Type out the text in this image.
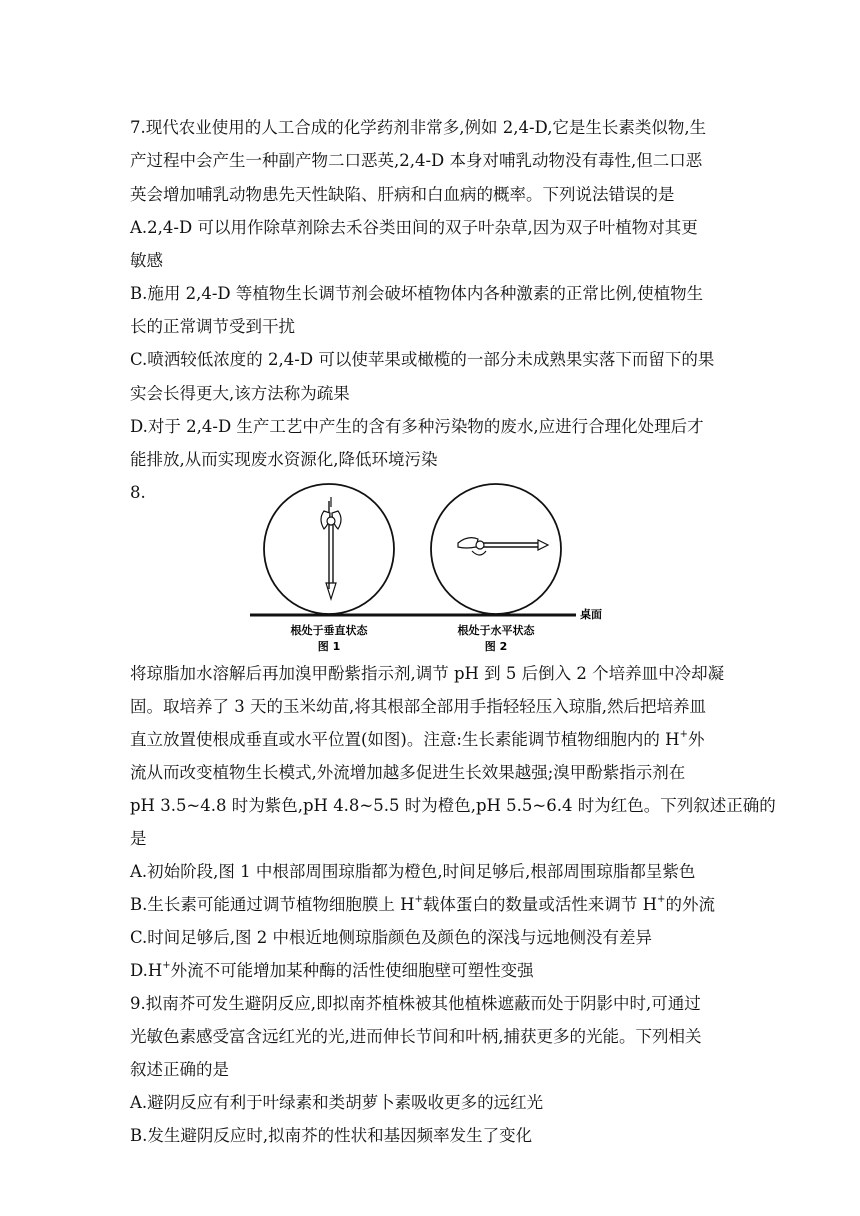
7.现代农业使用的人工合成的化学药剂非常多,例如 2,4-D,它是生长素类似物,生
产过程中会产生一种副产物二口恶英,2,4-D 本身对哺乳动物没有毒性,但二口恶
英会增加哺乳动物患先天性缺陷、肝病和白血病的概率。下列说法错误的是
A.2,4-D 可以用作除草剂除去禾谷类田间的双子叶杂草,因为双子叶植物对其更
敏感
B.施用 2,4-D 等植物生长调节剂会破坏植物体内各种激素的正常比例,使植物生
长的正常调节受到干扰
C.喷洒较低浓度的 2,4-D 可以使苹果或橄榄的一部分未成熟果实落下而留下的果
实会长得更大,该方法称为疏果
D.对于 2,4-D 生产工艺中产生的含有多种污染物的废水,应进行合理化处理后才
能排放,从而实现废水资源化,降低环境污染
8.
桌面
根处于垂直状态
图 1
根处于水平状态
图 2
将琼脂加水溶解后再加溴甲酚紫指示剂,调节 pH 到 5 后倒入 2 个培养皿中冷却凝
固。取培养了 3 天的玉米幼苗,将其根部全部用手指轻轻压入琼脂,然后把培养皿
直立放置使根成垂直或水平位置(如图)。注意:生长素能调节植物细胞内的 H+外
流从而改变植物生长模式,外流增加越多促进生长效果越强;溴甲酚紫指示剂在
pH 3.5~4.8 时为紫色,pH 4.8~5.5 时为橙色,pH 5.5~6.4 时为红色。下列叙述正确的
是
A.初始阶段,图 1 中根部周围琼脂都为橙色,时间足够后,根部周围琼脂都呈紫色
B.生长素可能通过调节植物细胞膜上 H+载体蛋白的数量或活性来调节 H+的外流
C.时间足够后,图 2 中根近地侧琼脂颜色及颜色的深浅与远地侧没有差异
D.H+外流不可能增加某种酶的活性使细胞壁可塑性变强
9.拟南芥可发生避阴反应,即拟南芥植株被其他植株遮蔽而处于阴影中时,可通过
光敏色素感受富含远红光的光,进而伸长节间和叶柄,捕获更多的光能。下列相关
叙述正确的是
A.避阴反应有利于叶绿素和类胡萝卜素吸收更多的远红光
B.发生避阴反应时,拟南芥的性状和基因频率发生了变化
